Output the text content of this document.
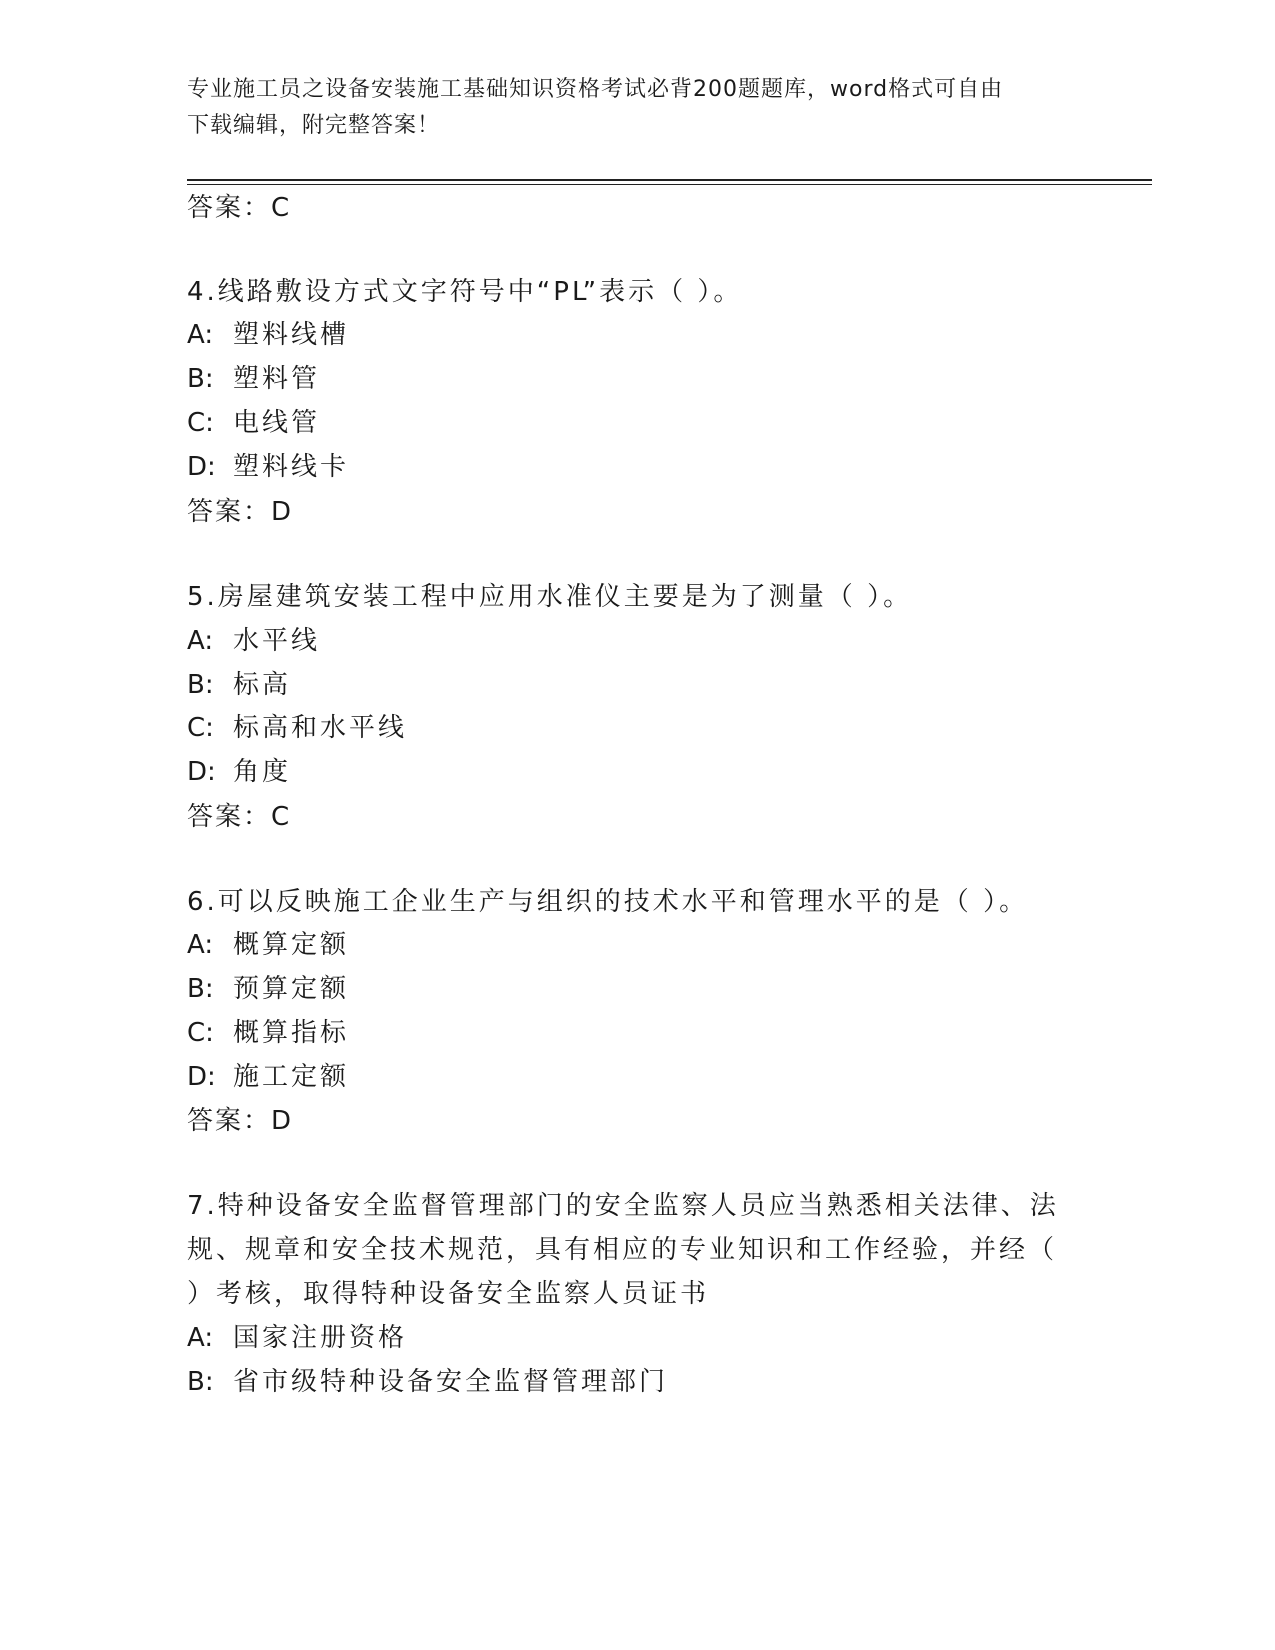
专业施工员之设备安装施工基础知识资格考试必背200题题库，word格式可自由
下载编辑，附完整答案！
答案：C
4.线路敷设方式文字符号中“PL”表示（ ）。
A: 塑料线槽
B: 塑料管
C: 电线管
D: 塑料线卡
答案：D
5.房屋建筑安装工程中应用水准仪主要是为了测量（ ）。
A: 水平线
B: 标高
C: 标高和水平线
D: 角度
答案：C
6.可以反映施工企业生产与组织的技术水平和管理水平的是（ ）。
A: 概算定额
B: 预算定额
C: 概算指标
D: 施工定额
答案：D
7.特种设备安全监督管理部门的安全监察人员应当熟悉相关法律、法
规、规章和安全技术规范，具有相应的专业知识和工作经验，并经（
）考核，取得特种设备安全监察人员证书
A: 国家注册资格
B: 省市级特种设备安全监督管理部门
